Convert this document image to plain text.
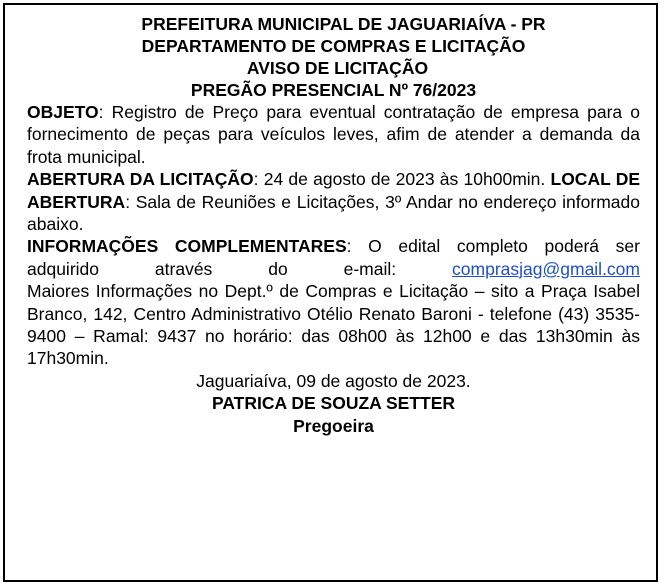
PREFEITURA MUNICIPAL DE JAGUARIAÍVA - PR
DEPARTAMENTO DE COMPRAS E LICITAÇÃO
AVISO DE LICITAÇÃO
PREGÃO PRESENCIAL Nº 76/2023

OBJETO: Registro de Preço para eventual contratação de empresa para o fornecimento de peças para veículos leves, afim de atender a demanda da frota municipal.

ABERTURA DA LICITAÇÃO: 24 de agosto de 2023 às 10h00min. LOCAL DE ABERTURA: Sala de Reuniões e Licitações, 3º Andar no endereço informado abaixo.

INFORMAÇÕES COMPLEMENTARES: O edital completo poderá ser adquirido através do e-mail: comprasjag@gmail.com

Maiores Informações no Dept.º de Compras e Licitação – sito a Praça Isabel Branco, 142, Centro Administrativo Otélio Renato Baroni - telefone (43) 3535-9400 – Ramal: 9437 no horário: das 08h00 às 12h00 e das 13h30min às 17h30min.

Jaguariaíva, 09 de agosto de 2023.

PATRICA DE SOUZA SETTER

Pregoeira
